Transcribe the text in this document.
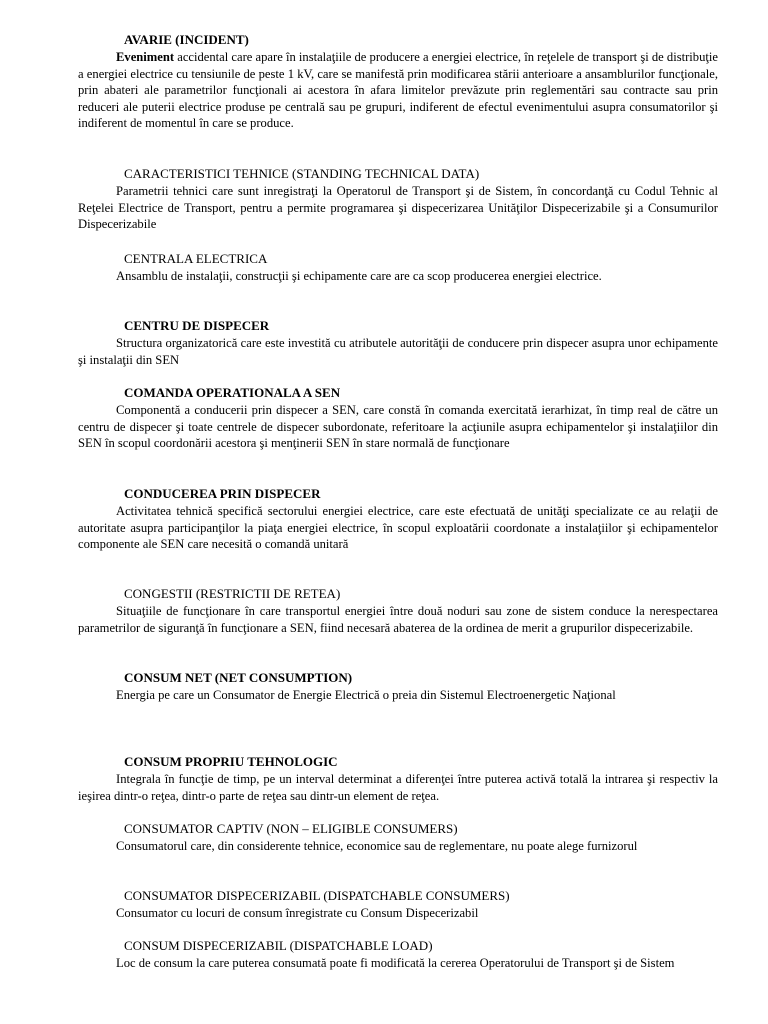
AVARIE (INCIDENT)

Eveniment accidental care apare în instalaţiile de producere a energiei electrice, în reţelele de transport şi de distribuţie a energiei electrice cu tensiunile de peste 1 kV, care se manifestă prin modificarea stării anterioare a ansamblurilor funcţionale, prin abateri ale parametrilor funcţionali ai acestora în afara limitelor prevăzute prin reglementări sau contracte sau prin reduceri ale puterii electrice produse pe centrală sau pe grupuri, indiferent de efectul evenimentului asupra consumatorilor şi indiferent de momentul în care se produce.

CARACTERISTICI TEHNICE (STANDING TECHNICAL DATA)

Parametrii tehnici care sunt inregistraţi la Operatorul de Transport şi de Sistem, în concordanţă cu Codul Tehnic al Reţelei Electrice de Transport, pentru a permite programarea şi dispecerizarea Unităţilor Dispecerizabile şi a Consumurilor Dispecerizabile

CENTRALA ELECTRICA

Ansamblu de instalaţii, construcţii şi echipamente care are ca scop producerea energiei electrice.

CENTRU DE DISPECER

Structura organizatorică care este investită cu atributele autorităţii de conducere prin dispecer asupra unor echipamente şi instalaţii din SEN

COMANDA OPERATIONALA A SEN

Componentă a conducerii prin dispecer a SEN, care constă în comanda exercitată ierarhizat, în timp real de către un centru de dispecer şi toate centrele de dispecer subordonate, referitoare la acţiunile asupra echipamentelor şi instalaţiilor din SEN în scopul coordonării acestora şi menţinerii SEN în stare normală de funcţionare

CONDUCEREA PRIN DISPECER

Activitatea tehnică specifică sectorului energiei electrice, care este efectuată de unităţi specializate ce au relaţii de autoritate asupra participanţilor la piaţa energiei electrice, în scopul exploatării coordonate a instalaţiilor şi echipamentelor componente ale SEN care necesită o comandă unitară

CONGESTII (RESTRICTII DE RETEA)

Situaţiile de funcţionare în care transportul energiei între două noduri sau zone de sistem conduce la nerespectarea parametrilor de siguranţă în funcţionare a SEN, fiind necesară abaterea de la ordinea de merit a grupurilor dispecerizabile.

CONSUM NET (NET CONSUMPTION)

Energia pe care un Consumator de Energie Electrică o preia din Sistemul Electroenergetic Naţional

CONSUM PROPRIU TEHNOLOGIC

Integrala în funcţie de timp, pe un interval determinat a diferenţei între puterea activă totală la intrarea şi respectiv la ieşirea dintr-o reţea, dintr-o parte de reţea sau dintr-un element de reţea.

CONSUMATOR CAPTIV (NON – ELIGIBLE CONSUMERS)

Consumatorul care, din considerente tehnice, economice sau de reglementare, nu poate alege furnizorul

CONSUMATOR DISPECERIZABIL (DISPATCHABLE CONSUMERS)

Consumator cu locuri de consum înregistrate cu Consum Dispecerizabil

CONSUM DISPECERIZABIL (DISPATCHABLE LOAD)

Loc de consum la care puterea consumată poate fi modificată la cererea Operatorului de Transport şi de Sistem
